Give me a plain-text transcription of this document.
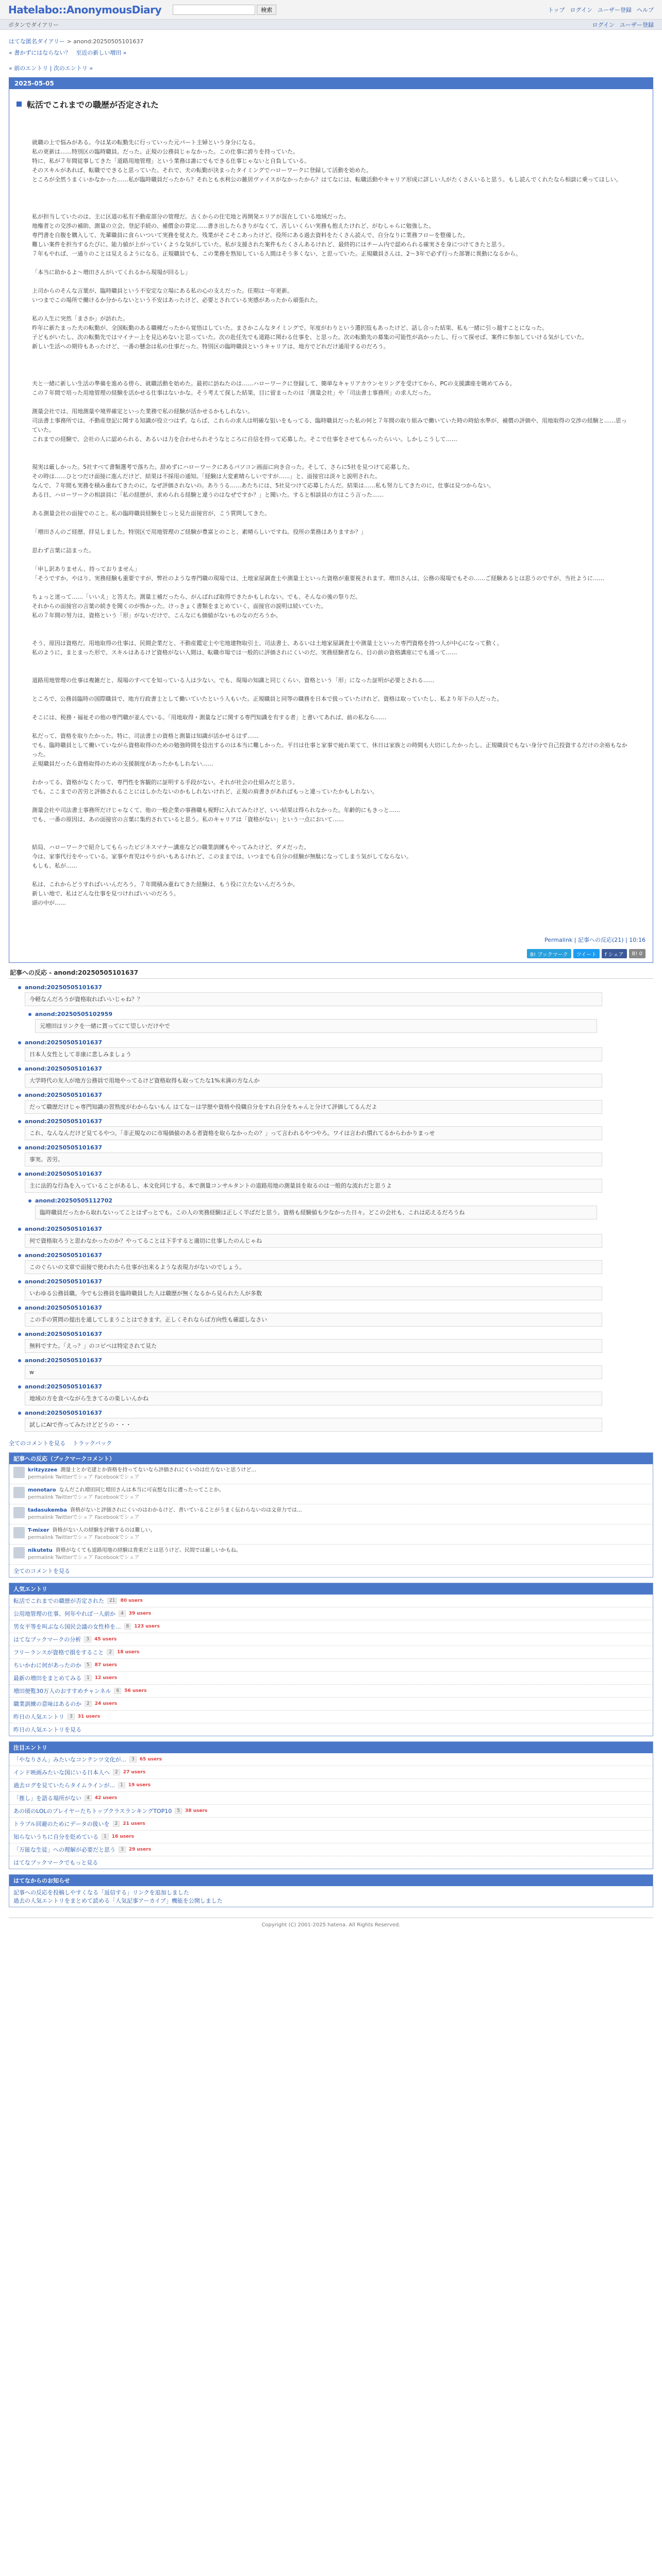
Hatelabo::AnonymousDiary	検索	トップ ログイン ユーザー登録 ヘルプ
ボタンでダイアリー	ログイン ユーザー登録
はてな匿名ダイアリー > anond:20250505101637
« 書かずにはならない？ 至近の新しい増田 »
« 前のエントリ | 次のエントリ »
2025-05-05
転活でこれまでの職歴が否定された

就職の上で悩みがある。今は某の転勤先に行っていった元パート主婦という身分になる。

私の更新は……特別区の臨時職員。だった。正規の公務員じゃなかった。この仕事に誇りを持っていた。

特に、私が７年間従事してきた「道路用地管理」という業務は誰にでもできる仕事じゃないと自負している。

そのスキルがあれば、転職でできると思っていた。それで、夫の転勤が決まったタイミングでハローワークに登録して活動を始めた。

ところが全然うまくいかなかった……私が臨時職員だったから？それとも水利公の雑居ヴァイスがなかったから？はてなには、転職活動やキャリア形成に詳しい人がたくさんいると思う。もし読んでくれたなら相談に乗ってほしい。

私が担当していたのは、主に区道の私有不動産部分の管理だ。古くからの住宅地と再開発エリアが混在している地域だった。

地権者との交渉の補助、測量の立会、登記手続の、補償金の算定……書き出したらきりがなくて、苦しいくらい実務も抱えたけれど、がむしゃらに勉強した。

専門書を自腹を購入して、先輩職員に食らいついて実務を覚えた。残業がそこそこあったけど、役所にある過去資料をたくさん読んで、自分なりに業務フローを整備した。

難しい案件を担当するたびに、能力値が上がっていくような気がしていた。私が支援された案件もたくさんあるけれど、最終的にはチーム内で認められる確実さを身につけてきたと思う。

７年もやれば、一通りのことは見えるようになる。正規職員でも、この業務を熟知している人間はそう多くない、と思っていた。正規職員さんは、2〜3年で必ず行った部署に異動になるから。

「本当に助かるよ〜増田さんがいてくれるから現場が回るし」

上司からのそんな言葉が、臨時職員という不安定な立場にある私の心の支えだった。任期は一年更新。

いつまでこの場所で働けるか分からないという不安はあったけど、必要とされている実感があったから頑張れた。

私の人生に突然「まさか」が訪れた。

昨年に新たまった夫の転勤が、全国転勤のある職種だったから覚悟はしていた。まさかこんなタイミングで。年度がわりという選択肢もあったけど、話し合った結果、私も一緒に引っ越すことになった。

子どもがいたし、次の転勤先ではマイナー上を見込めないと思っていた。次の赴任先でも道路に関わる仕事を、と思った。次の転勤先の募集の可能性が高かったし、行って探せば、案件に参加していける気がしていた。

新しい生活への期待もあったけど、一番の懸念は私の仕事だった。特別区の臨時職員というキャリアは、地方でどれだけ通用するのだろう。

夫と一緒に新しい生活の準備を進める傍ら、就職活動を始めた。最初に訪ねたのは……ハローワークに登録して、簡単なキャリアカウンセリングを受けてから、PCの支援講座を眺めてみる。

この７年間で培った用地管理の経験を活かせる仕事はないかな。そう考えて探した結果、目に留まったのは「測量会社」や「司法書士事務所」の求人だった。

測量会社では、用地測量や境界確定といった業務で私の経験が活かせるかもしれない。

司法書士事務所では、不動産登記に関する知識が役立つはず。ならば、これらの求人は明確な狙いをもってる、臨時職員だった私の何と７年間の取り組みで働いていた時の時給水準が、補償の評価や、用地取得の交渉の経験と……思っていた。

これまでの経験で、会社の人に認められる、あるいは力を合わせられそうなところに自信を持って応募した。そこで仕事をさせてもらったらいい。しかしこうして……

現実は厳しかった。5社すべて書類選考で落ちた。辞めずにハローワークにあるパソコン画面に向き合った。そして、さらに5社を見つけて応募した。

その時は……ひとつだけ面接に進んだけど、結果は不採用の通知。「経験は大変素晴らしいですが……」と、面接官は淡々と説明された。

なんで、７年間も実務を積み重ねてきたのに。なぜ評価されないの。ありうる……あたちには、5社見つけて応募したんだ。結果は……私も努力してきたのに、仕事は見つからない。

ある日、ハローワークの相談員に「私の経歴が、求められる経験と違うのはなぜですか？」と聞いた。すると相談員の方はこう言った……

ある測量会社の面接でのこと。私の臨時職員経験をじっと見た面接官が、こう質問してきた。

「増田さんのご経歴、拝見しました。特別区で用地管理のご経験が豊富とのこと、素晴らしいですね。役所の業務はありますか？」

思わず言葉に詰まった。

「申し訳ありません、持っておりません」

「そうですか。やはり、実務経験も重要ですが、弊社のような専門職の現場では、土地家屋調査士や測量士といった資格が重要視されます。増田さんは、公務の現場でもその……ご経験あるとは思うのですが、当社ように……

ちょっと迷って……「いいえ」と答えた。測量士補だったら、がんばれば取得できたかもしれない。でも、そんなの後の祭りだ。

それからの面接官の言葉の続きを聞くのが怖かった。けっきょく書類をまとめていく、面接官の説明は続いていた。

私の７年間の努力は、資格という「形」がないだけで、こんなにも価値がないものなのだろうか。

そう、原因は資格だ。用地取得の仕事は、民間企業だと、不動産鑑定士や宅地建物取引士、司法書士、あるいは土地家屋調査士や測量士といった専門資格を持つ人が中心になって動く。

私のように、まとまった形で、スキルはあるけど資格がない人間は、転職市場では一般的に評価されにくいのだ。実務経験者なら、目の前の資格講座にでも通って……

道路用地管理の仕事は複雑だと、現場のすべてを知っている人は少ない。でも、現場の知識と同じくらい、資格という「形」になった証明が必要とされる……

ところで、公務員臨時の国際職員で、地方行政書士として働いていたという人もいた。正規職員と同等の職務を日本で扱っていたけれど、資格は取っていたし、私より年下の人だった。

そこには、税務・福祉その他の専門職が並んでいる。「用地取得・測量などに関する専門知識を有する者」と書いてあれば、前の私なら……

私だって、資格を取りたかった。特に、司法書士の資格と測量は知識が活かせるはず……

でも、臨時職員として働いていながら資格取得のための勉強時間を捻出するのは本当に難しかった。平日は仕事と家事で疲れ果てて、休日は家族との時間も大切にしたかったし、正規職員でもない身分で自己投資するだけの余裕もなかった。

正規職員だったら資格取得のための支援制度があったかもしれない……

わかってる、資格がなくたって、専門性を客観的に証明する手段がない。それが社会の仕組みだと思う。

でも、ここまでの苦労と評価されることにはしかたないのかもしれないけれど、正規の肩書きがあればもっと違っていたかもしれない。

測量会社や司法書士事務所だけじゃなくて、他の一般企業の事務職も視野に入れてみたけど、いい結果は得られなかった。年齢的にもきっと……

でも、一番の原因は、あの面接官の言葉に集約されていると思う。私のキャリアは「資格がない」という一点において……

結局、ハローワークで紹介してもらったビジネスマナー講座などの職業訓練もやってみたけど、ダメだった。

今は、家事代行をやっている。家事や育児はやりがいもあるけれど、このままでは、いつまでも自分の経験が無駄になってしまう気がしてならない。

もしも、私が……

私は、これからどうすればいいんだろう。７年間積み重ねてきた経験は、もう役に立たないんだろうか。

新しい地で、私はどんな仕事を見つければいいのだろう。

頭の中が……

Permalink | 記事への反応(21) | 10:16
B! ブックマーク	ツイート	f シェア	B! 0
記事への反応 - anond:20250505101637
anond:20250505101637
今軽なんだろうが資格取ればいいじゃね？？
anond:20250505102959
元増田はリンクを一緒に貰ってにて望しいだけやで
anond:20250505101637
日本人女性として非康に悲しみましょう
anond:20250505101637
大学時代の友人が地方公務員で用地やってるけど資格取得も取ってたな1%未満の方なんか
anond:20250505101637
だって職歴だけじゃ専門知識の習熟度がわからないもん はてなーは学歴や資格や役職自分をすれ自分をちゃんと分けて評価してるんだよ
anond:20250505101637
これ、なんなんだけど見てるやつ。「非正規なのに市場価値のある者資格を取らなかったの？」って言われるやつやろ。ワイは言われ慣れてるからわかりまっせ
anond:20250505101637
事実。苦労。
anond:20250505101637
主に法的な行為を入っていることがあるし、本文化同じする。本で測量コンサルタントの道路用地の測量員を取るのは一般的な流れだと思うよ
anond:20250505112702
臨時職員だったから取れないってことはずっとでも。この人の実務経験は正しく半ばだと思う。資格も経験値も少なかった日々。どこの会社も、これは応えるだろうね
anond:20250505101637
何で資格取ろうと思わなかったのか？やってることは下手すると適切に仕事したのんじゃね
anond:20250505101637
このぐらいの文章で面接で使われたら仕事が出来るような表現力がないのでしょう。
anond:20250505101637
いわゆる公務員職。今でも公務員を臨時職員した人は職歴が無くなるから見られた人が多数
anond:20250505101637
この手の質問の提出を通してしまうことはできます。正しくそれならば方向性も確認しなさい
anond:20250505101637
無料ですた。「えっ？」のコピペは特定されて見た
anond:20250505101637
w
anond:20250505101637
地域の方を食べながら生きてるの楽しいんかね
anond:20250505101637
試しにAIで作ってみたけどどうの・・・
全てのコメントを見る トラックバック
記事への反応（ブックマークコメント）
kritzyzzee 測量士とか宅建とか資格を持ってないなら評価されにくいのは仕方ないと思うけど...
permalink Twitterでシェア Facebookでシェア
monotaro なんだこれ増田同じ増田さんは本当に可哀想な目に遭ったってことか。
permalink Twitterでシェア Facebookでシェア
tadasukemba 資格がないと評価されにくいのはわかるけど、書いていることがうまく伝わらないのは文章力では...
permalink Twitterでシェア Facebookでシェア
T-mixer 資格がない人の経験を評価するのは難しい。
permalink Twitterでシェア Facebookでシェア
nikutetu 資格がなくても道路用地の経験は貴重だとは思うけど、民間では厳しいかもね。
permalink Twitterでシェア Facebookでシェア
全てのコメントを見る
人気エントリ
転活でこれまでの職歴が否定された	21	80 users
公用地管理の仕事、何年やれば一人前か	4	39 users
男女平等を叫ぶなら国民会議の女性枠を...	8	123 users
はてなブックマークの分析	3	45 users
フリーランスが資格で損をすること	2	18 users
ちいかわに何があったのか	5	87 users
最新の増田をまとめてみる	1	12 users
増田便覧30万人のおすすめチャンネル	6	56 users
職業訓練の意味はあるのか	2	24 users
昨日の人気エントリ	3	31 users
昨日の人気エントリを見る
注目エントリ
「やなりさん」みたいなコンテンツ文化が...	3	65 users
インド映画みたいな国にいる日本人へ	2	27 users
過去ログを見ていたらタイムラインが...	1	19 users
「推し」を語る場所がない	4	42 users
あの頃のLOLのプレイヤーたちトップクラスランキングTOP10	5	38 users
トラブル回避のためにデータの扱いを	2	21 users
知らないうちに自分を貶めている	1	16 users
「万能な生徒」への理解が必要だと思う	3	29 users
はてなブックマークでもっと見る
はてなからのお知らせ
記事への反応を投稿しやすくなる「返信する」リンクを追加しました
過去の人気エントリをまとめて読める「人気記事アーカイブ」機能を公開しました
Copyright (C) 2001-2025 hatena. All Rights Reserved.
